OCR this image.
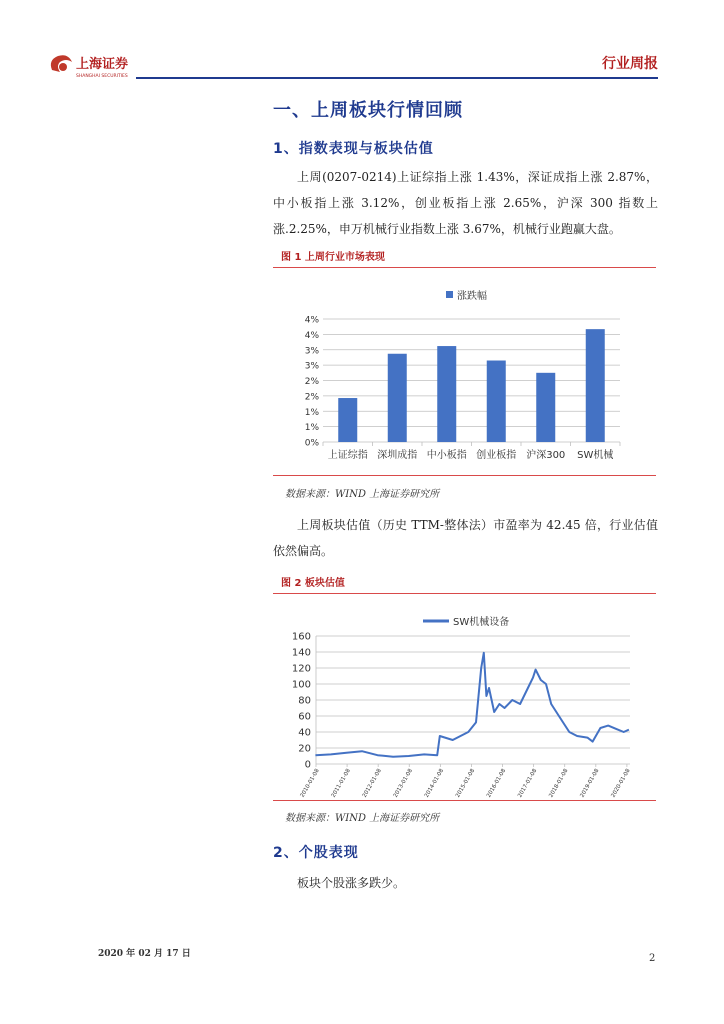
上海证券
SHANGHAI SECURITIES
行业周报
一、上周板块行情回顾
1、指数表现与板块估值

上周(0207-0214)上证综指上涨 1.43%，深证成指上涨 2.87%，中小板指上涨 3.12%，创业板指上涨 2.65%，沪深 300 指数上涨.2.25%，申万机械行业指数上涨 3.67%，机械行业跑赢大盘。

图 1 上周行业市场表现
涨跌幅
0%
1%
1%
2%
2%
3%
3%
4%
4%
上证综指 深圳成指 中小板指 创业板指 沪深300 SW机械
数据来源：WIND 上海证券研究所

上周板块估值（历史 TTM-整体法）市盈率为 42.45 倍，行业估值依然偏高。

图 2 板块估值
SW机械设备
0
20
40
60
80
100
120
140
160
2010-01-08 2011-01-08 2012-01-08 2013-01-08 2014-01-08 2015-01-08 2016-01-08 2017-01-08 2018-01-08 2019-01-08 2020-01-08
数据来源：WIND 上海证券研究所
2、个股表现

板块个股涨多跌少。

2020 年 02 月 17 日	2
